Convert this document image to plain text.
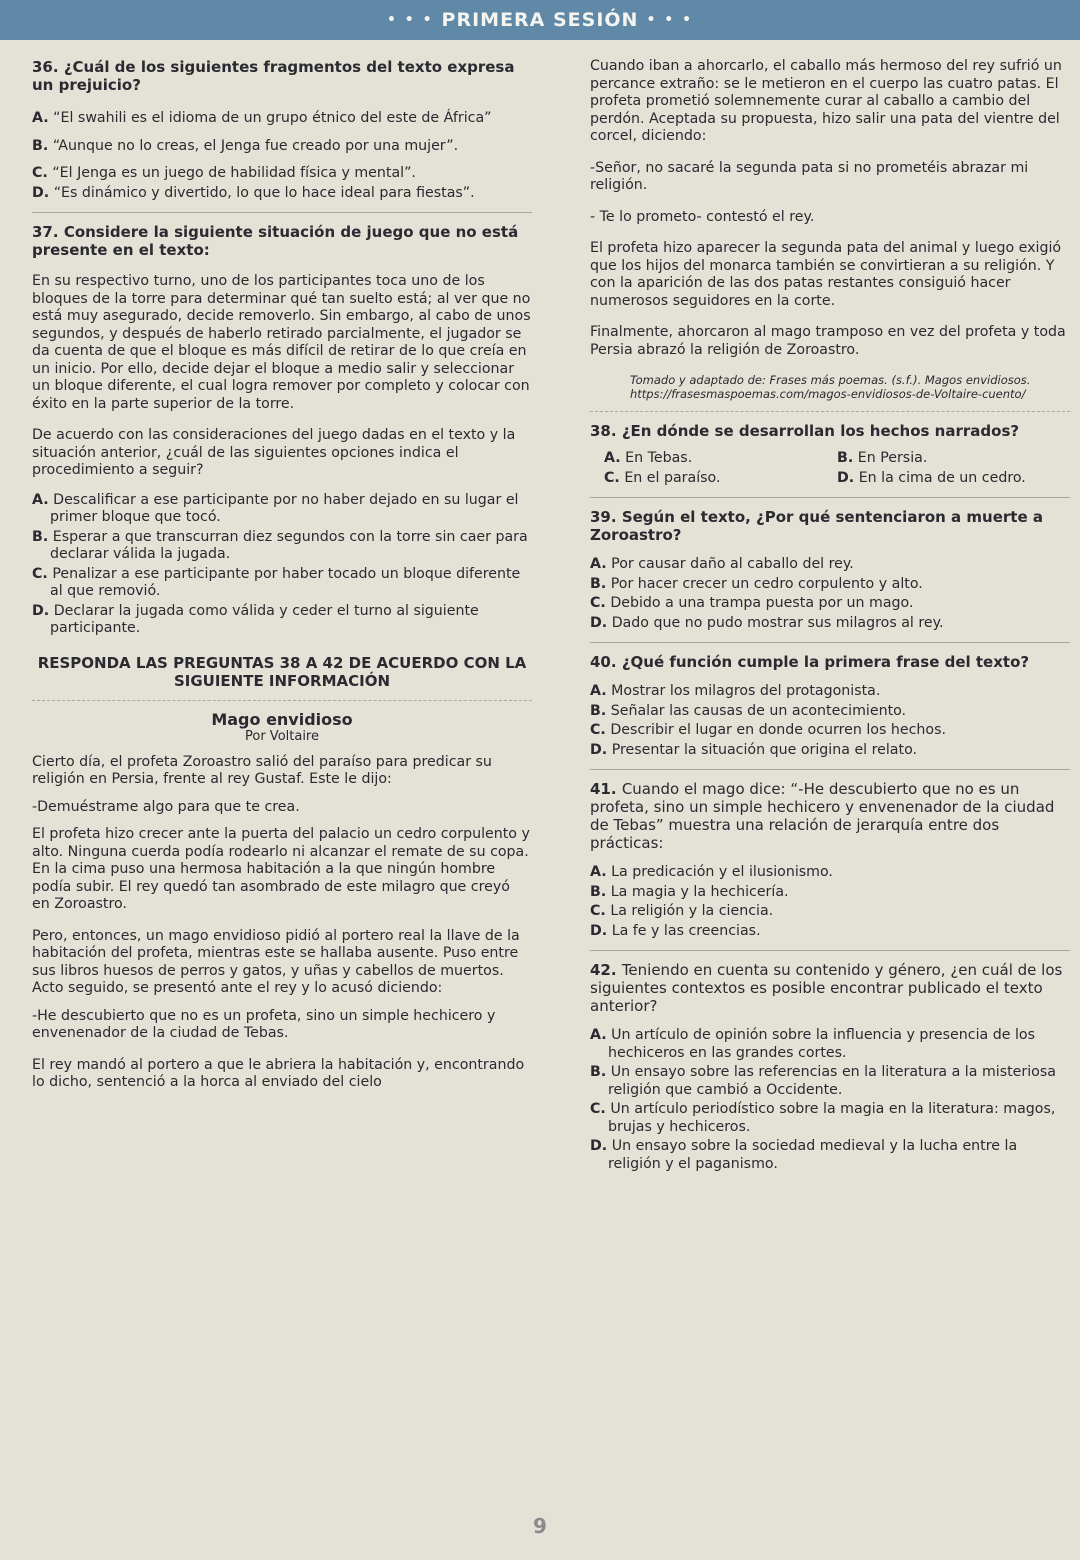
• • • PRIMERA SESIÓN • • •

36. ¿Cuál de los siguientes fragmentos del texto expresa un prejuicio?

A. “El swahili es el idioma de un grupo étnico del este de África”

B. “Aunque no lo creas, el Jenga fue creado por una mujer”.

C. “El Jenga es un juego de habilidad física y mental”.

D. “Es dinámico y divertido, lo que lo hace ideal para fiestas”.

37. Considere la siguiente situación de juego que no está presente en el texto:

En su respectivo turno, uno de los participantes toca uno de los bloques de la torre para determinar qué tan suelto está; al ver que no está muy asegurado, decide removerlo. Sin embargo, al cabo de unos segundos, y después de haberlo retirado parcialmente, el jugador se da cuenta de que el bloque es más difícil de retirar de lo que creía en un inicio. Por ello, decide dejar el bloque a medio salir y seleccionar un bloque diferente, el cual logra remover por completo y colocar con éxito en la parte superior de la torre.

De acuerdo con las consideraciones del juego dadas en el texto y la situación anterior, ¿cuál de las siguientes opciones indica el procedimiento a seguir?

A. Descalificar a ese participante por no haber dejado en su lugar el primer bloque que tocó.

B. Esperar a que transcurran diez segundos con la torre sin caer para declarar válida la jugada.

C. Penalizar a ese participante por haber tocado un bloque diferente al que removió.

D. Declarar la jugada como válida y ceder el turno al siguiente participante.

RESPONDA LAS PREGUNTAS 38 A 42 DE ACUERDO CON LA SIGUIENTE INFORMACIÓN

Mago envidioso

Por Voltaire

Cierto día, el profeta Zoroastro salió del paraíso para predicar su religión en Persia, frente al rey Gustaf. Este le dijo:

-Demuéstrame algo para que te crea.

El profeta hizo crecer ante la puerta del palacio un cedro corpulento y alto. Ninguna cuerda podía rodearlo ni alcanzar el remate de su copa. En la cima puso una hermosa habitación a la que ningún hombre podía subir. El rey quedó tan asombrado de este milagro que creyó en Zoroastro.

Pero, entonces, un mago envidioso pidió al portero real la llave de la habitación del profeta, mientras este se hallaba ausente. Puso entre sus libros huesos de perros y gatos, y uñas y cabellos de muertos. Acto seguido, se presentó ante el rey y lo acusó diciendo:

-He descubierto que no es un profeta, sino un simple hechicero y envenenador de la ciudad de Tebas.

El rey mandó al portero a que le abriera la habitación y, encontrando lo dicho, sentenció a la horca al enviado del cielo

Cuando iban a ahorcarlo, el caballo más hermoso del rey sufrió un percance extraño: se le metieron en el cuerpo las cuatro patas. El profeta prometió solemnemente curar al caballo a cambio del perdón. Aceptada su propuesta, hizo salir una pata del vientre del corcel, diciendo:

-Señor, no sacaré la segunda pata si no prometéis abrazar mi religión.

- Te lo prometo- contestó el rey.

El profeta hizo aparecer la segunda pata del animal y luego exigió que los hijos del monarca también se convirtieran a su religión. Y con la aparición de las dos patas restantes consiguió hacer numerosos seguidores en la corte.

Finalmente, ahorcaron al mago tramposo en vez del profeta y toda Persia abrazó la religión de Zoroastro.

Tomado y adaptado de: Frases más poemas. (s.f.). Magos envidiosos. https://frasesmaspoemas.com/magos-envidiosos-de-Voltaire-cuento/

38. ¿En dónde se desarrollan los hechos narrados?

A. En Tebas.	B. En Persia.

C. En el paraíso.	D. En la cima de un cedro.

39. Según el texto, ¿Por qué sentenciaron a muerte a Zoroastro?

A. Por causar daño al caballo del rey.

B. Por hacer crecer un cedro corpulento y alto.

C. Debido a una trampa puesta por un mago.

D. Dado que no pudo mostrar sus milagros al rey.

40. ¿Qué función cumple la primera frase del texto?

A. Mostrar los milagros del protagonista.

B. Señalar las causas de un acontecimiento.

C. Describir el lugar en donde ocurren los hechos.

D. Presentar la situación que origina el relato.

41. Cuando el mago dice: “-He descubierto que no es un profeta, sino un simple hechicero y envenenador de la ciudad de Tebas” muestra una relación de jerarquía entre dos prácticas:

A. La predicación y el ilusionismo.

B. La magia y la hechicería.

C. La religión y la ciencia.

D. La fe y las creencias.

42. Teniendo en cuenta su contenido y género, ¿en cuál de los siguientes contextos es posible encontrar publicado el texto anterior?

A. Un artículo de opinión sobre la influencia y presencia de los hechiceros en las grandes cortes.

B. Un ensayo sobre las referencias en la literatura a la misteriosa religión que cambió a Occidente.

C. Un artículo periodístico sobre la magia en la literatura: magos, brujas y hechiceros.

D. Un ensayo sobre la sociedad medieval y la lucha entre la religión y el paganismo.

9
